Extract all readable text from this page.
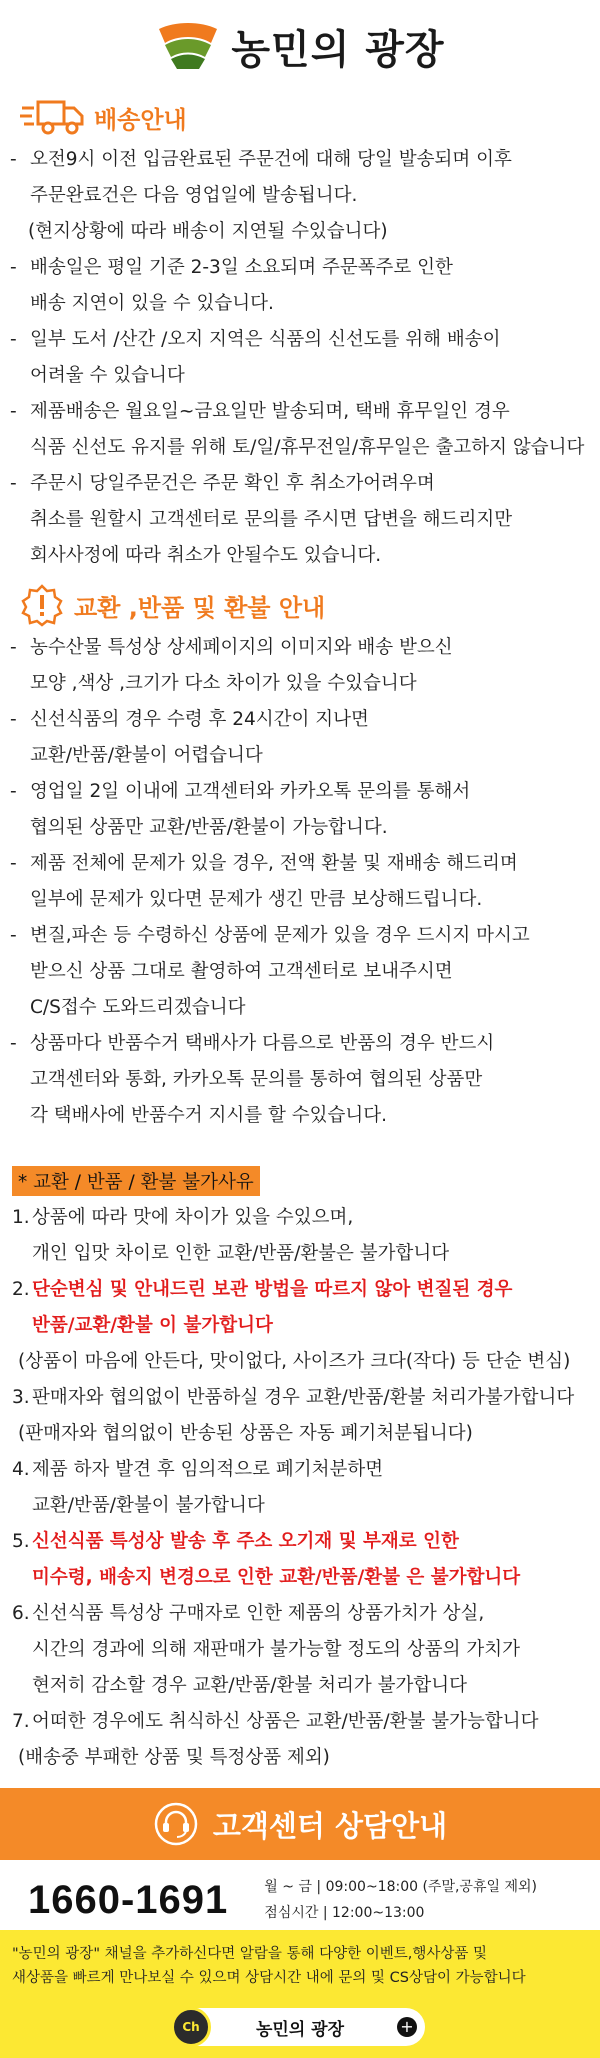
농민의 광장
배송안내
- 오전9시 이전 입금완료된 주문건에 대해 당일 발송되며 이후
주문완료건은 다음 영업일에 발송됩니다.
(현지상황에 따라 배송이 지연될 수있습니다)
- 배송일은 평일 기준 2-3일 소요되며 주문폭주로 인한
배송 지연이 있을 수 있습니다.
- 일부 도서 /산간 /오지 지역은 식품의 신선도를 위해 배송이
어려울 수 있습니다
- 제품배송은 월요일~금요일만 발송되며, 택배 휴무일인 경우
식품 신선도 유지를 위해 토/일/휴무전일/휴무일은 출고하지 않습니다
- 주문시 당일주문건은 주문 확인 후 취소가어려우며
취소를 원할시 고객센터로 문의를 주시면 답변을 해드리지만
회사사정에 따라 취소가 안될수도 있습니다.
교환 ,반품 및 환불 안내
- 농수산물 특성상 상세페이지의 이미지와 배송 받으신
모양 ,색상 ,크기가 다소 차이가 있을 수있습니다
- 신선식품의 경우 수령 후 24시간이 지나면
교환/반품/환불이 어렵습니다
- 영업일 2일 이내에 고객센터와 카카오톡 문의를 통해서
협의된 상품만 교환/반품/환불이 가능합니다.
- 제품 전체에 문제가 있을 경우, 전액 환불 및 재배송 해드리며
일부에 문제가 있다면 문제가 생긴 만큼 보상해드립니다.
- 변질,파손 등 수령하신 상품에 문제가 있을 경우 드시지 마시고
받으신 상품 그대로 촬영하여 고객센터로 보내주시면
C/S접수 도와드리겠습니다
- 상품마다 반품수거 택배사가 다름으로 반품의 경우 반드시
고객센터와 통화, 카카오톡 문의를 통하여 협의된 상품만
각 택배사에 반품수거 지시를 할 수있습니다.
* 교환 / 반품 / 환불 불가사유
1. 상품에 따라 맛에 차이가 있을 수있으며,
개인 입맛 차이로 인한 교환/반품/환불은 불가합니다
2. 단순변심 및 안내드린 보관 방법을 따르지 않아 변질된 경우
반품/교환/환불 이 불가합니다
(상품이 마음에 안든다, 맛이없다, 사이즈가 크다(작다) 등 단순 변심)
3. 판매자와 협의없이 반품하실 경우 교환/반품/환불 처리가불가합니다
(판매자와 협의없이 반송된 상품은 자동 폐기처분됩니다)
4. 제품 하자 발견 후 임의적으로 폐기처분하면
교환/반품/환불이 불가합니다
5. 신선식품 특성상 발송 후 주소 오기재 및 부재로 인한
미수령, 배송지 변경으로 인한 교환/반품/환불 은 불가합니다
6. 신선식품 특성상 구매자로 인한 제품의 상품가치가 상실,
시간의 경과에 의해 재판매가 불가능할 정도의 상품의 가치가
현저히 감소할 경우 교환/반품/환불 처리가 불가합니다
7. 어떠한 경우에도 취식하신 상품은 교환/반품/환불 불가능합니다
(배송중 부패한 상품 및 특정상품 제외)
고객센터 상담안내
1660-1691	월 ~ 금 | 09:00~18:00 (주말,공휴일 제외)
점심시간 | 12:00~13:00
"농민의 광장" 채널을 추가하신다면 알람을 통해 다양한 이벤트,행사상품 및
새상품을 빠르게 만나보실 수 있으며 상담시간 내에 문의 및 CS상담이 가능합니다
Ch	농민의 광장	+
